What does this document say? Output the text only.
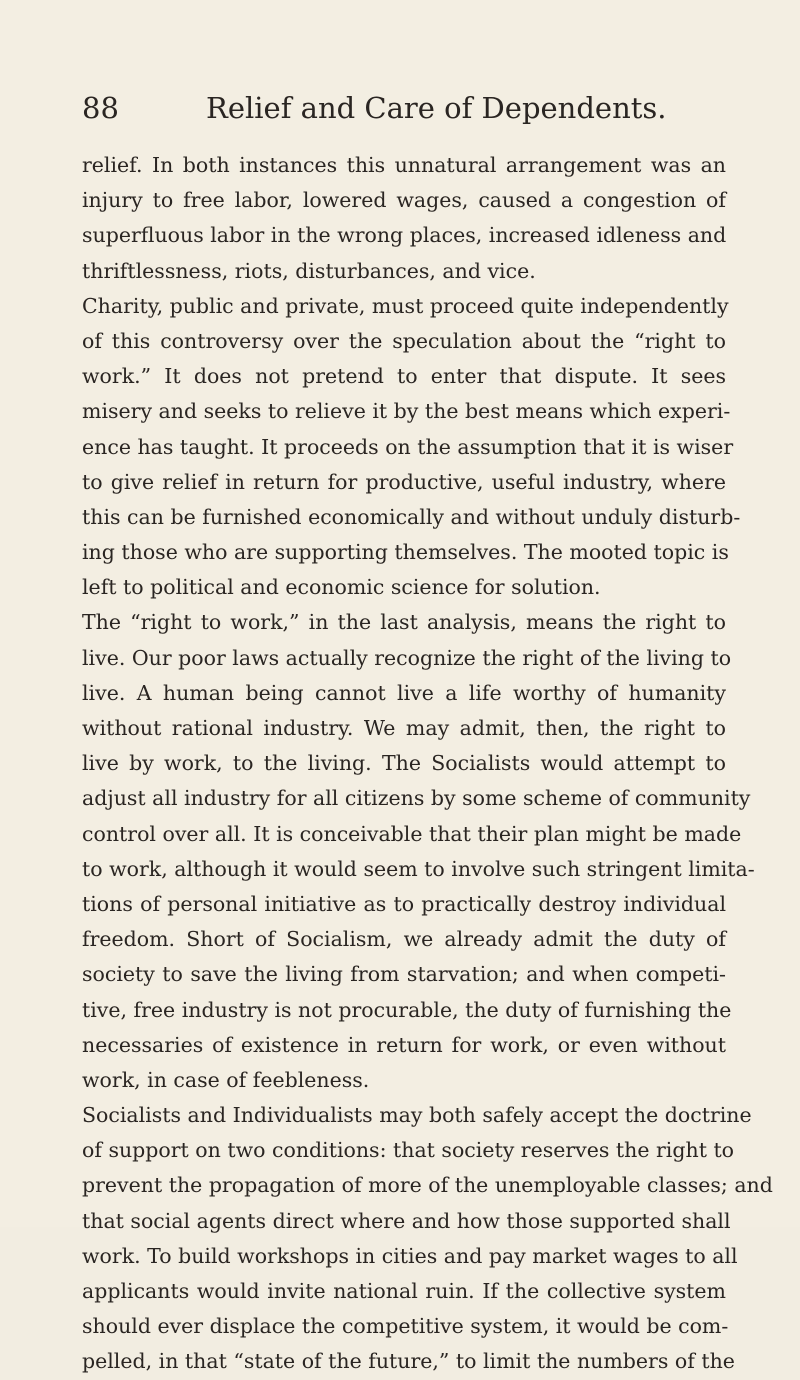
88	Relief and Care of Dependents.
relief. In both instances this unnatural arrangement was an
injury to free labor, lowered wages, caused a congestion of
superfluous labor in the wrong places, increased idleness and
thriftlessness, riots, disturbances, and vice.
Charity, public and private, must proceed quite independently
of this controversy over the speculation about the “right to
work.” It does not pretend to enter that dispute. It sees
misery and seeks to relieve it by the best means which experi-
ence has taught. It proceeds on the assumption that it is wiser
to give relief in return for productive, useful industry, where
this can be furnished economically and without unduly disturb-
ing those who are supporting themselves. The mooted topic is
left to political and economic science for solution.
The “right to work,” in the last analysis, means the right to
live. Our poor laws actually recognize the right of the living to
live. A human being cannot live a life worthy of humanity
without rational industry. We may admit, then, the right to
live by work, to the living. The Socialists would attempt to
adjust all industry for all citizens by some scheme of community
control over all. It is conceivable that their plan might be made
to work, although it would seem to involve such stringent limita-
tions of personal initiative as to practically destroy individual
freedom. Short of Socialism, we already admit the duty of
society to save the living from starvation; and when competi-
tive, free industry is not procurable, the duty of furnishing the
necessaries of existence in return for work, or even without
work, in case of feebleness.
Socialists and Individualists may both safely accept the doctrine
of support on two conditions: that society reserves the right to
prevent the propagation of more of the unemployable classes; and
that social agents direct where and how those supported shall
work. To build workshops in cities and pay market wages to all
applicants would invite national ruin. If the collective system
should ever displace the competitive system, it would be com-
pelled, in that “state of the future,” to limit the numbers of the
